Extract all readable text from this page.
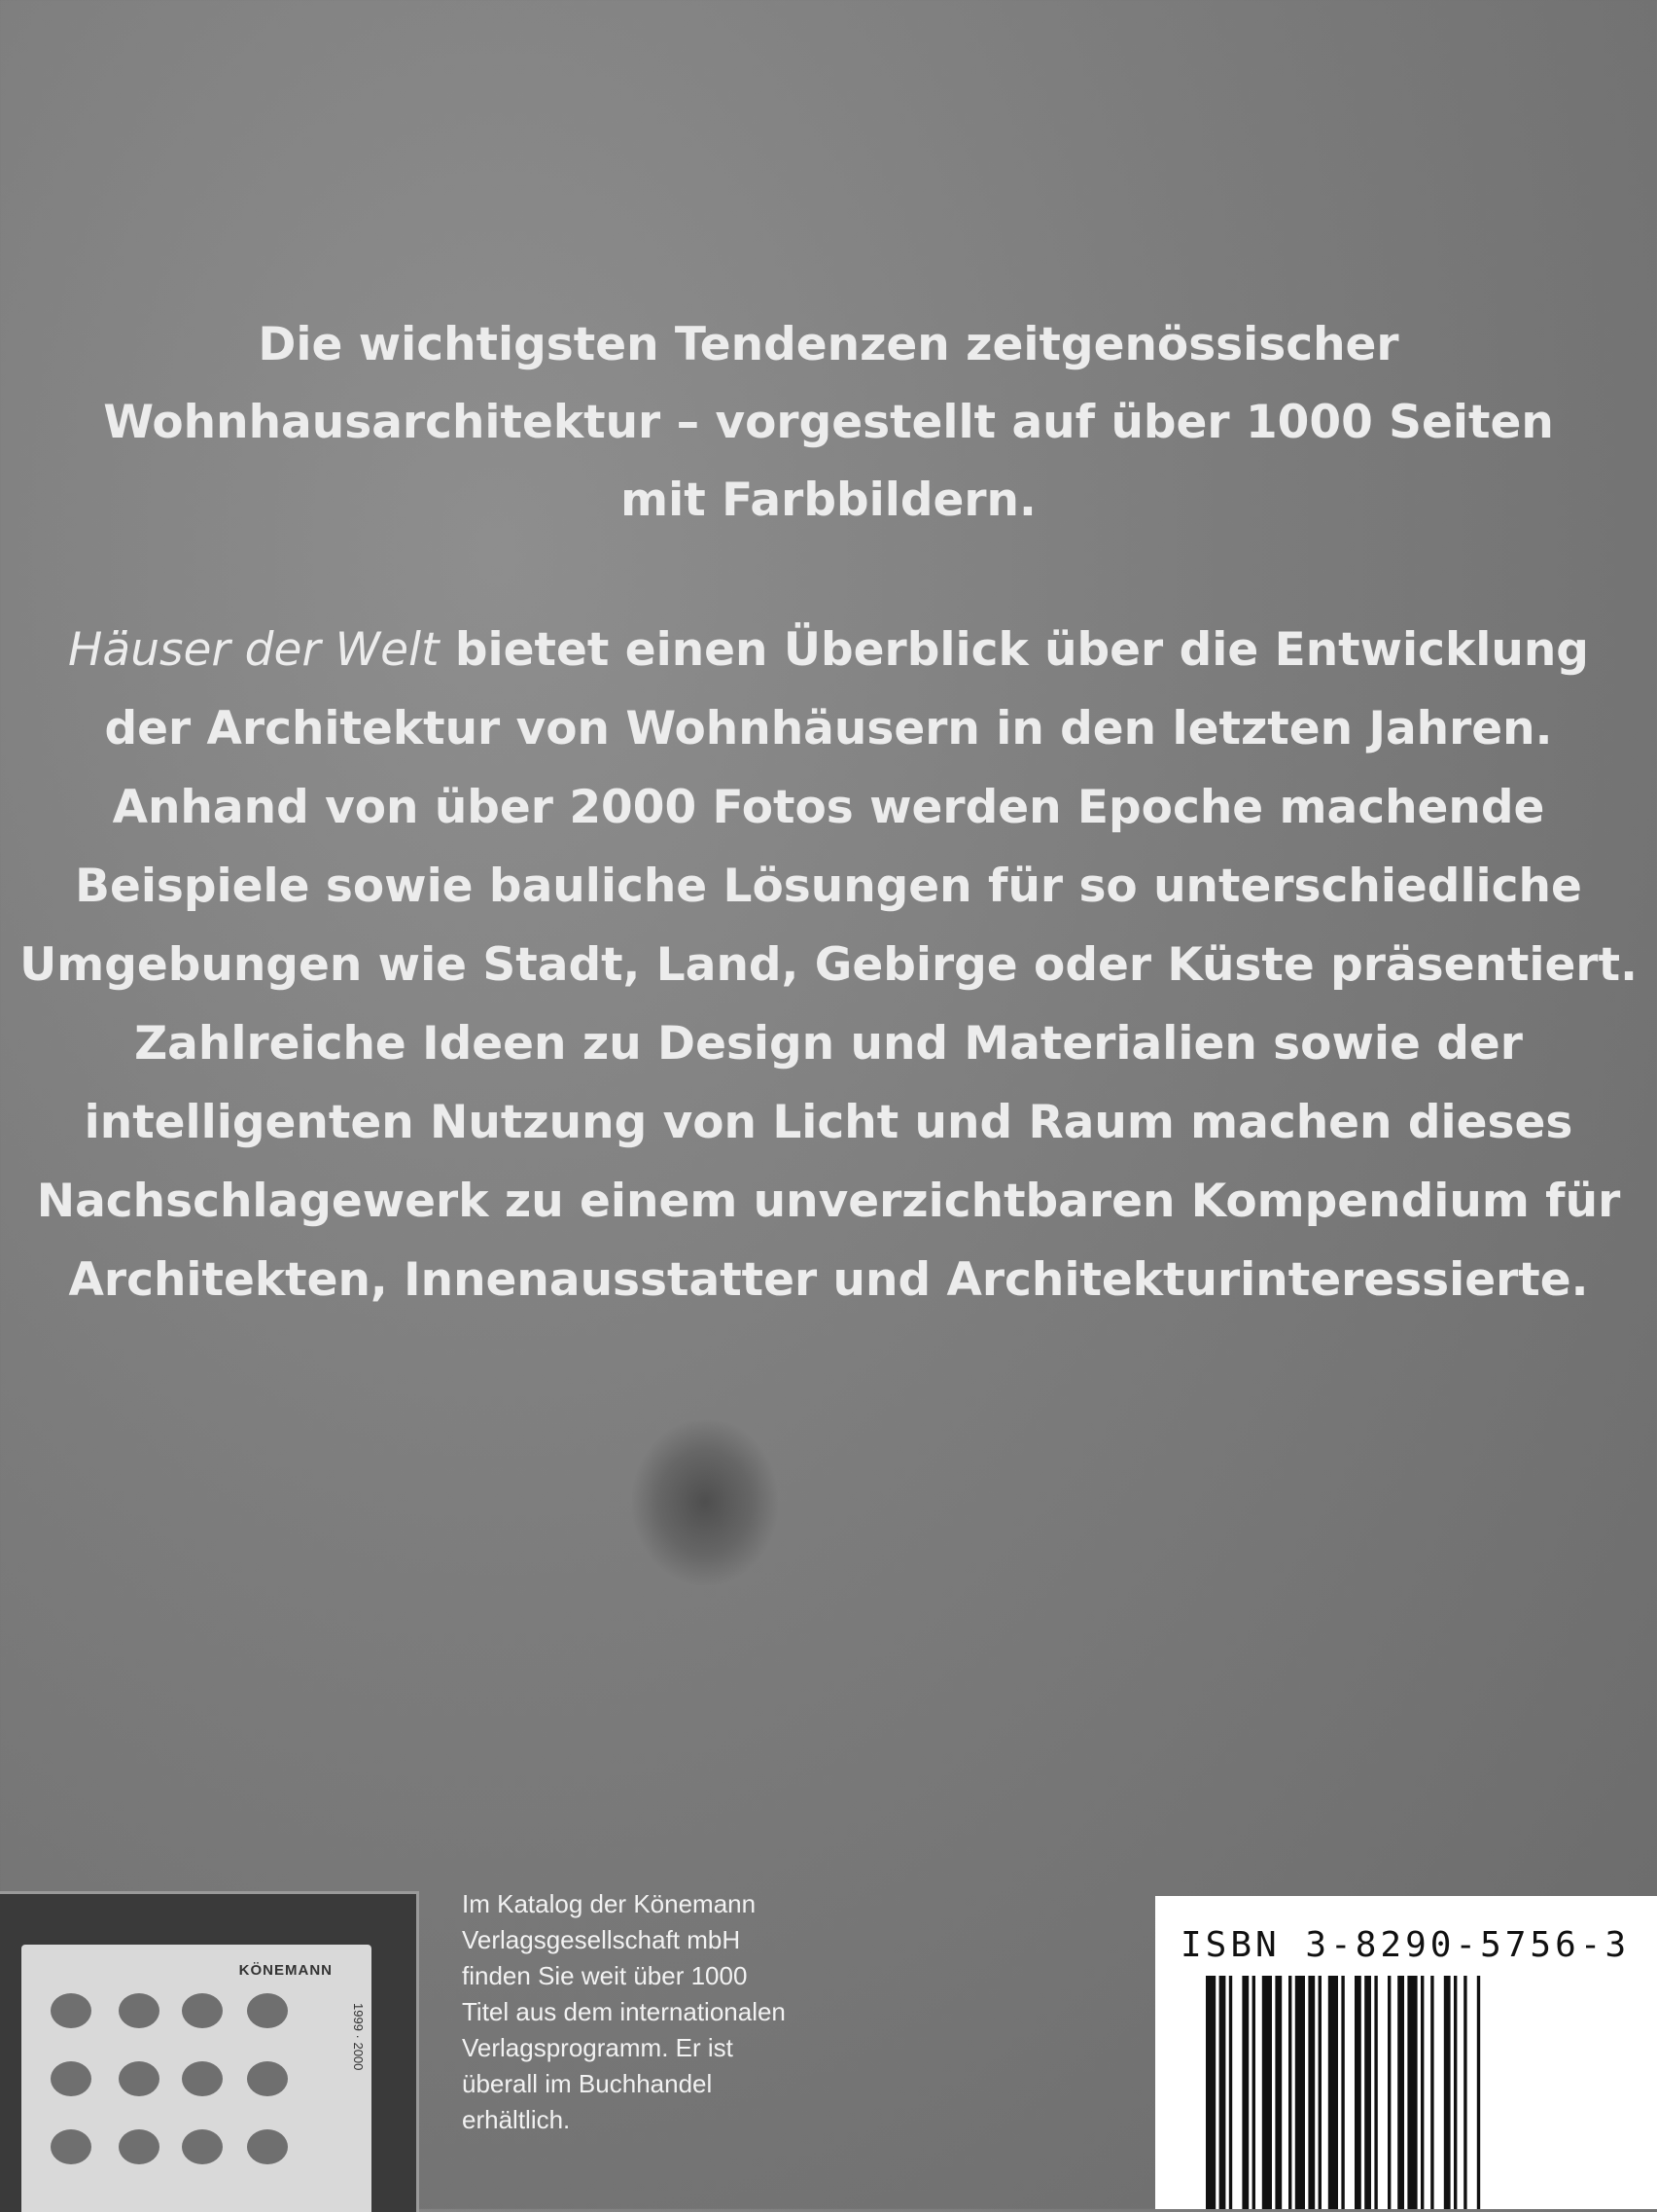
Die wichtigsten Tendenzen zeitgenössischer
Wohnhausarchitektur – vorgestellt auf über 1000 Seiten
mit Farbbildern.
Häuser der Welt bietet einen Überblick über die Entwicklung
der Architektur von Wohnhäusern in den letzten Jahren.
Anhand von über 2000 Fotos werden Epoche machende
Beispiele sowie bauliche Lösungen für so unterschiedliche
Umgebungen wie Stadt, Land, Gebirge oder Küste präsentiert.
Zahlreiche Ideen zu Design und Materialien sowie der
intelligenten Nutzung von Licht und Raum machen dieses
Nachschlagewerk zu einem unverzichtbaren Kompendium für
Architekten, Innenausstatter und Architekturinteressierte.
KÖNEMANN
1999 · 2000
Im Katalog der Könemann
Verlagsgesellschaft mbH
finden Sie weit über 1000
Titel aus dem internationalen
Verlagsprogramm. Er ist
überall im Buchhandel
erhältlich.
ISBN 3-8290-5756-3
